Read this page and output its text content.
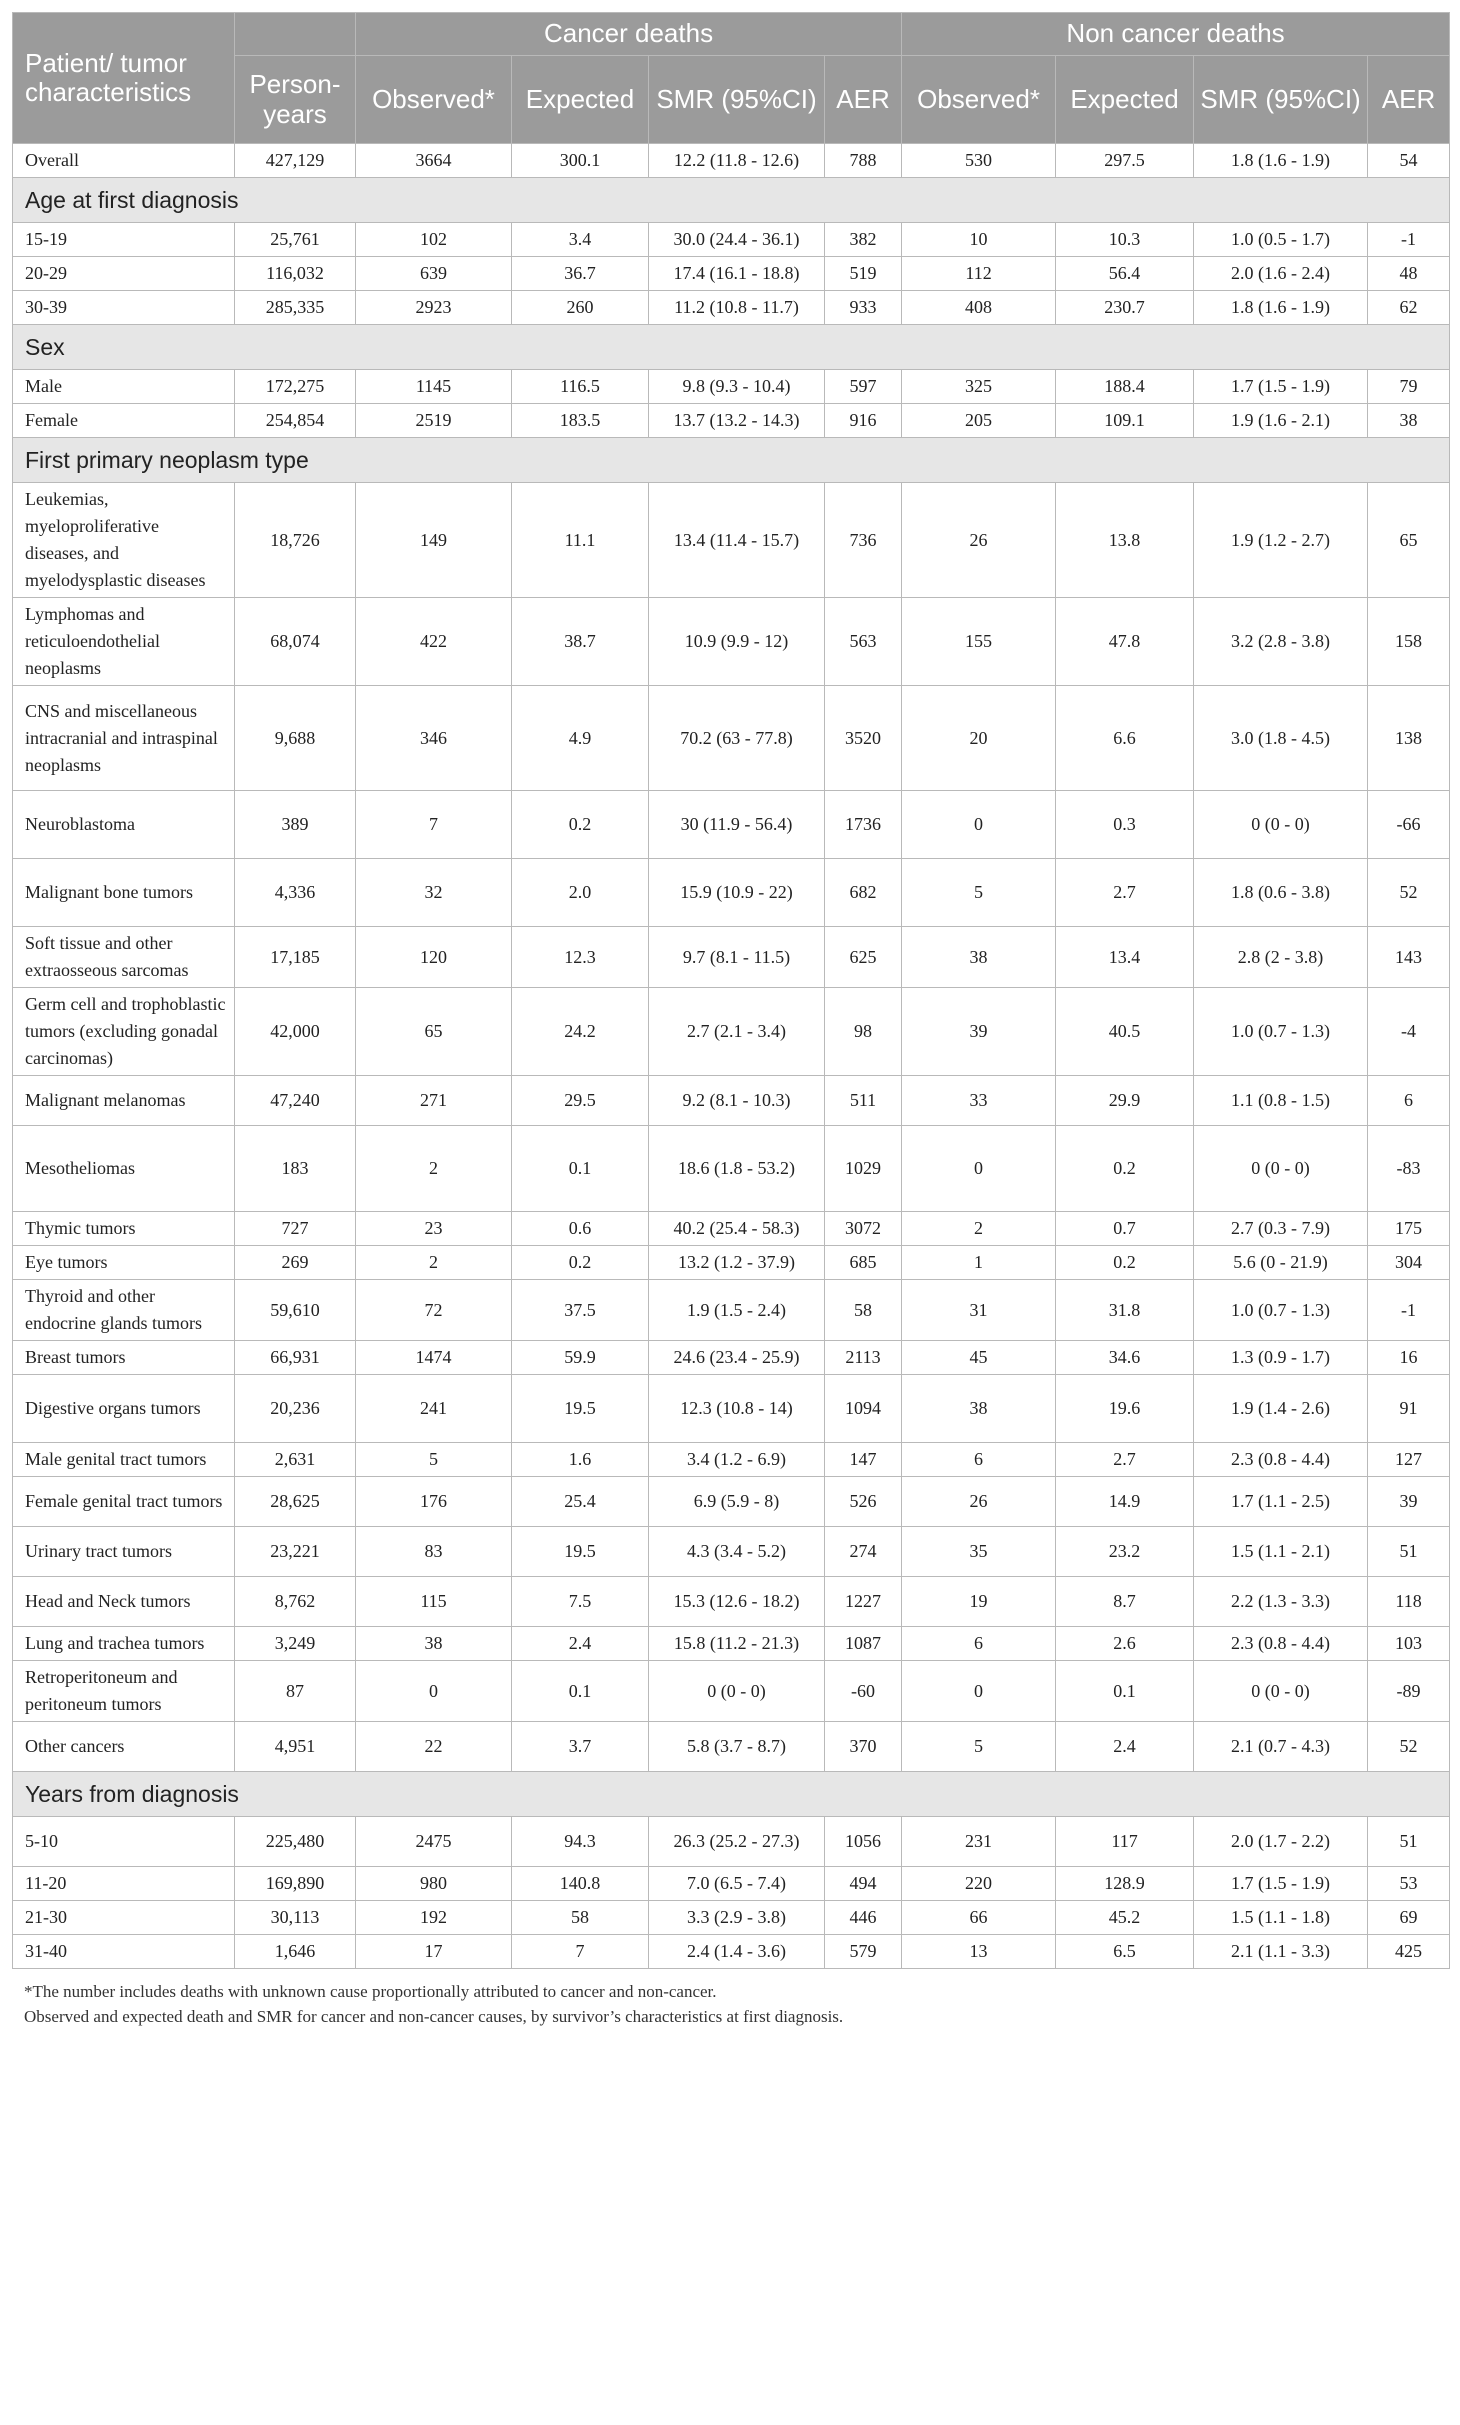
Patient/ tumor characteristics		Cancer deaths				Non cancer deaths			
	Person-years	Observed*	Expected	SMR (95%CI)	AER	Observed*	Expected	SMR (95%CI)	AER
Overall	427,129	3664	300.1	12.2 (11.8 - 12.6)	788	530	297.5	1.8 (1.6 - 1.9)	54
Age at first diagnosis									
15-19	25,761	102	3.4	30.0 (24.4 - 36.1)	382	10	10.3	1.0 (0.5 - 1.7)	-1
20-29	116,032	639	36.7	17.4 (16.1 - 18.8)	519	112	56.4	2.0 (1.6 - 2.4)	48
30-39	285,335	2923	260	11.2 (10.8 - 11.7)	933	408	230.7	1.8 (1.6 - 1.9)	62
Sex									
Male	172,275	1145	116.5	9.8 (9.3 - 10.4)	597	325	188.4	1.7 (1.5 - 1.9)	79
Female	254,854	2519	183.5	13.7 (13.2 - 14.3)	916	205	109.1	1.9 (1.6 - 2.1)	38
First primary neoplasm type									
Leukemias, myeloproliferative diseases, and myelodysplastic diseases	18,726	149	11.1	13.4 (11.4 - 15.7)	736	26	13.8	1.9 (1.2 - 2.7)	65
Lymphomas and reticuloendothelial neoplasms	68,074	422	38.7	10.9 (9.9 - 12)	563	155	47.8	3.2 (2.8 - 3.8)	158
CNS and miscellaneous intracranial and intraspinal neoplasms	9,688	346	4.9	70.2 (63 - 77.8)	3520	20	6.6	3.0 (1.8 - 4.5)	138
Neuroblastoma	389	7	0.2	30 (11.9 - 56.4)	1736	0	0.3	0 (0 - 0)	-66
Malignant bone tumors	4,336	32	2.0	15.9 (10.9 - 22)	682	5	2.7	1.8 (0.6 - 3.8)	52
Soft tissue and other extraosseous sarcomas	17,185	120	12.3	9.7 (8.1 - 11.5)	625	38	13.4	2.8 (2 - 3.8)	143
Germ cell and trophoblastic tumors (excluding gonadal carcinomas)	42,000	65	24.2	2.7 (2.1 - 3.4)	98	39	40.5	1.0 (0.7 - 1.3)	-4
Malignant melanomas	47,240	271	29.5	9.2 (8.1 - 10.3)	511	33	29.9	1.1 (0.8 - 1.5)	6
Mesotheliomas	183	2	0.1	18.6 (1.8 - 53.2)	1029	0	0.2	0 (0 - 0)	-83
Thymic tumors	727	23	0.6	40.2 (25.4 - 58.3)	3072	2	0.7	2.7 (0.3 - 7.9)	175
Eye tumors	269	2	0.2	13.2 (1.2 - 37.9)	685	1	0.2	5.6 (0 - 21.9)	304
Thyroid and other endocrine glands tumors	59,610	72	37.5	1.9 (1.5 - 2.4)	58	31	31.8	1.0 (0.7 - 1.3)	-1
Breast tumors	66,931	1474	59.9	24.6 (23.4 - 25.9)	2113	45	34.6	1.3 (0.9 - 1.7)	16
Digestive organs tumors	20,236	241	19.5	12.3 (10.8 - 14)	1094	38	19.6	1.9 (1.4 - 2.6)	91
Male genital tract tumors	2,631	5	1.6	3.4 (1.2 - 6.9)	147	6	2.7	2.3 (0.8 - 4.4)	127
Female genital tract tumors	28,625	176	25.4	6.9 (5.9 - 8)	526	26	14.9	1.7 (1.1 - 2.5)	39
Urinary tract tumors	23,221	83	19.5	4.3 (3.4 - 5.2)	274	35	23.2	1.5 (1.1 - 2.1)	51
Head and Neck tumors	8,762	115	7.5	15.3 (12.6 - 18.2)	1227	19	8.7	2.2 (1.3 - 3.3)	118
Lung and trachea tumors	3,249	38	2.4	15.8 (11.2 - 21.3)	1087	6	2.6	2.3 (0.8 - 4.4)	103
Retroperitoneum and peritoneum tumors	87	0	0.1	0 (0 - 0)	-60	0	0.1	0 (0 - 0)	-89
Other cancers	4,951	22	3.7	5.8 (3.7 - 8.7)	370	5	2.4	2.1 (0.7 - 4.3)	52
Years from diagnosis									
5-10	225,480	2475	94.3	26.3 (25.2 - 27.3)	1056	231	117	2.0 (1.7 - 2.2)	51
11-20	169,890	980	140.8	7.0 (6.5 - 7.4)	494	220	128.9	1.7 (1.5 - 1.9)	53
21-30	30,113	192	58	3.3 (2.9 - 3.8)	446	66	45.2	1.5 (1.1 - 1.8)	69
31-40	1,646	17	7	2.4 (1.4 - 3.6)	579	13	6.5	2.1 (1.1 - 3.3)	425
*The number includes deaths with unknown cause proportionally attributed to cancer and non-cancer.
Observed and expected death and SMR for cancer and non-cancer causes, by survivor’s characteristics at first diagnosis.
